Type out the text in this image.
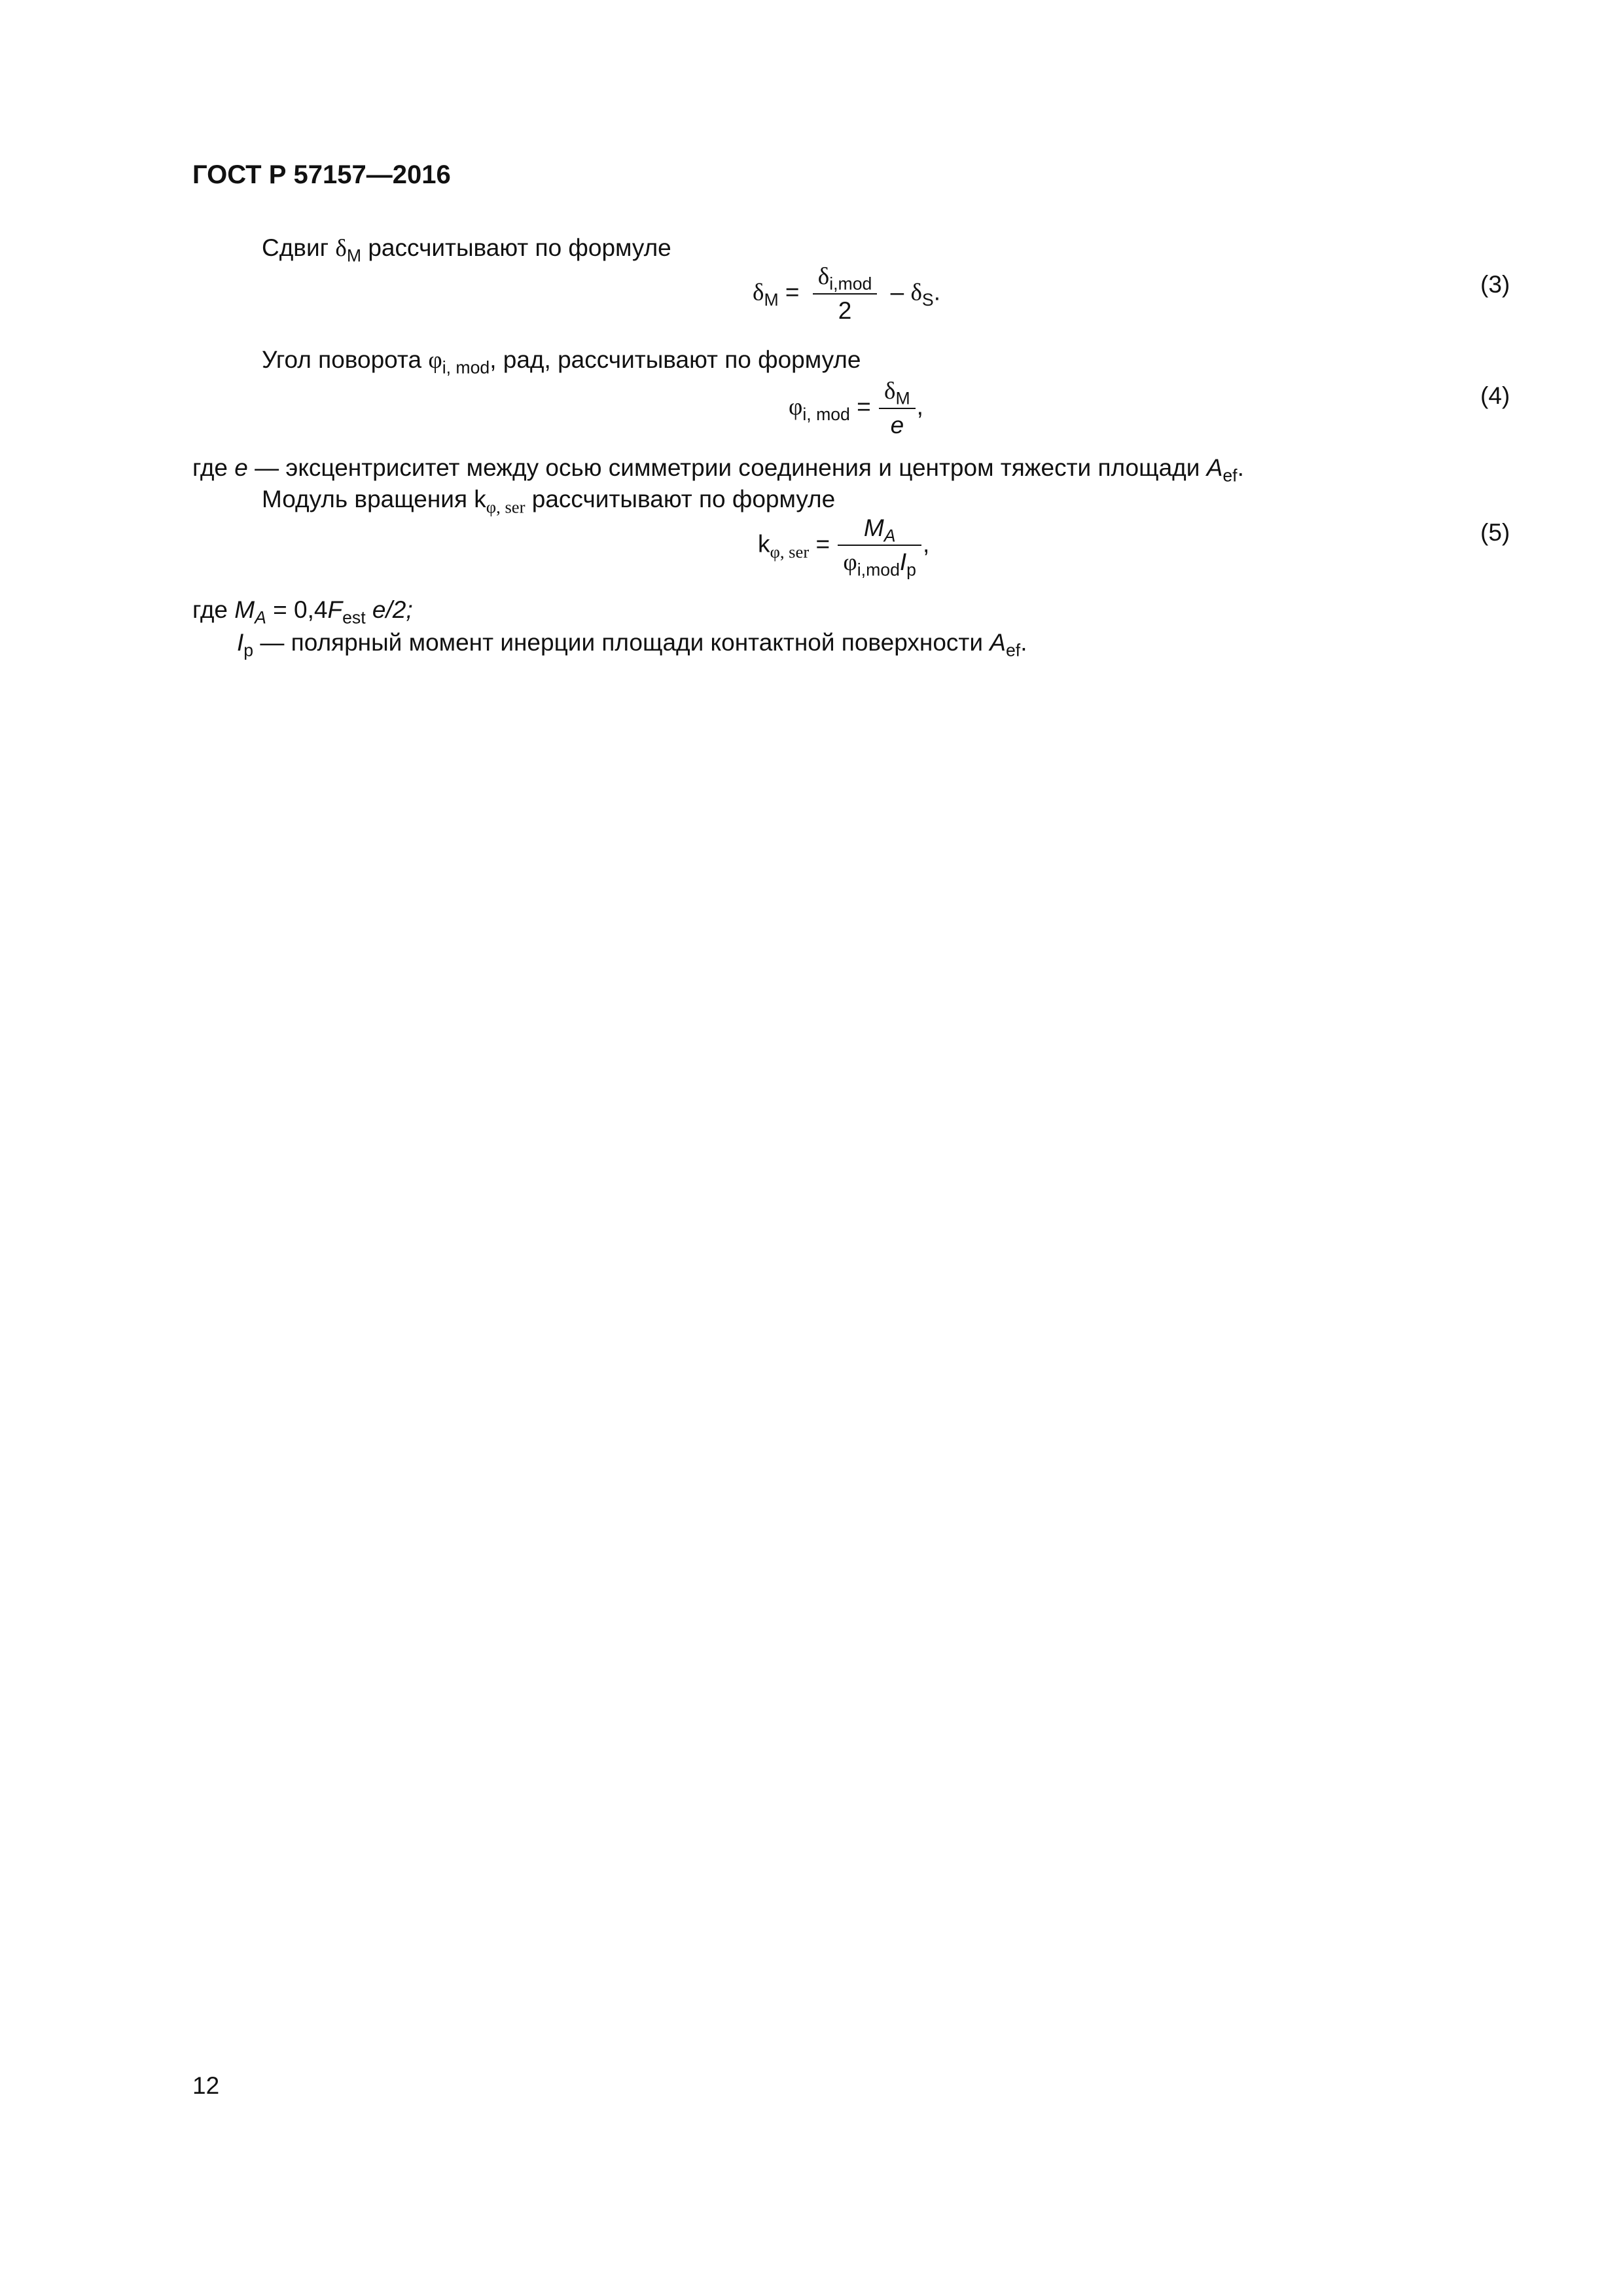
ГОСТ Р 57157—2016
Сдвиг $\delta_M$ рассчитывают по формуле
$\delta_M = \frac{\delta_{i,mod}}{2} - \delta_S$.	(3)
Угол поворота $\varphi_{i, mod}$, рад, рассчитывают по формуле
$\varphi_{i, mod} = \frac{\delta_M}{e}$ ,	(4)
где e — эксцентриситет между осью симметрии соединения и центром тяжести площади $A_{ef}$.
Модуль вращения $k_{\varphi, ser}$ рассчитывают по формуле
$k_{\varphi, ser} = \frac{M_A}{\varphi_{i,mod}I_p}$ ,	(5)
где $M_A = 0,4F_{est}$ e/2;
$I_p$ — полярный момент инерции площади контактной поверхности $A_{ef}$.
12
